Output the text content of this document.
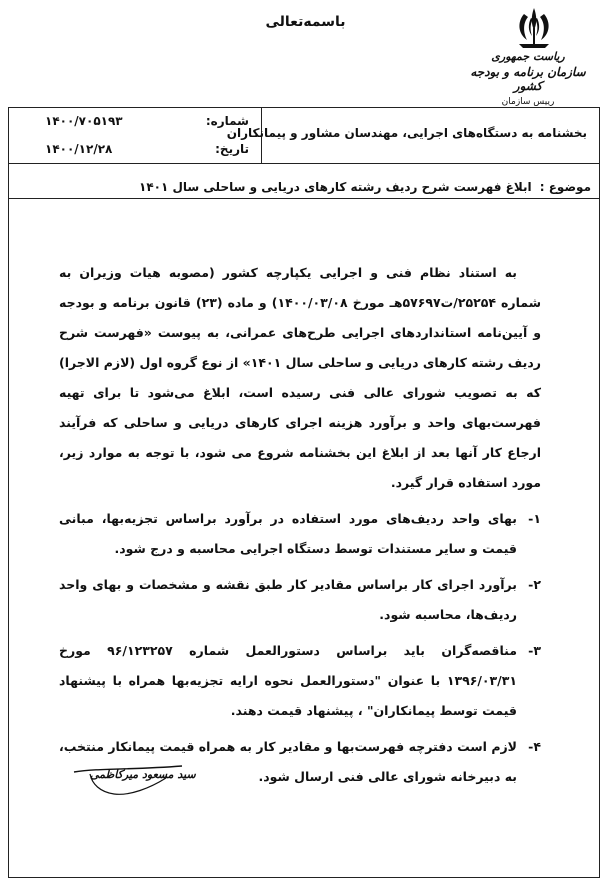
باسمه‌تعالی
ریاست جمهوری
سازمان برنامه و بودجه کشور
رییس سازمان
بخشنامه به دستگاه‌های اجرایی، مهندسان مشاور و پیمانکاران
شماره:
۱۴۰۰/۷۰۵۱۹۳
تاریخ:
۱۴۰۰/۱۲/۲۸
موضوع : ابلاغ فهرست شرح ردیف رشته کارهای دریایی و ساحلی سال ۱۴۰۱

به استناد نظام فنی و اجرایی یکپارچه کشور (مصوبه هیات وزیران به شماره ۲۵۲۵۴/ت۵۷۶۹۷هـ مورخ ۱۴۰۰/۰۳/۰۸) و ماده (۲۳) قانون برنامه و بودجه و آیین‌نامه استانداردهای اجرایی طرح‌های عمرانی، به پیوست «فهرست شرح ردیف رشته کارهای دریایی و ساحلی سال ۱۴۰۱» از نوع گروه اول (لازم الاجرا) که به تصویب شورای عالی فنی رسیده است، ابلاغ می‌شود تا برای تهیه فهرست‌بهای واحد و برآورد هزینه اجرای کارهای دریایی و ساحلی که فرآیند ارجاع کار آنها بعد از ابلاغ این بخشنامه شروع می شود، با توجه به موارد زیر، مورد استفاده قرار گیرد.

۱-
بهای واحد ردیف‌های مورد استفاده در برآورد براساس تجزیه‌بها، مبانی قیمت و سایر مستندات توسط دستگاه اجرایی محاسبه و درج شود.
۲-
برآورد اجرای کار براساس مقادیر کار طبق نقشه و مشخصات و بهای واحد ردیف‌ها، محاسبه شود.
۳-
مناقصه‌گران باید براساس دستورالعمل شماره ۹۶/۱۲۳۲۵۷ مورخ ۱۳۹۶/۰۳/۳۱ با عنوان "دستورالعمل نحوه ارایه تجزیه‌بها همراه با پیشنهاد قیمت توسط پیمانکاران" ، پیشنهاد قیمت دهند.
۴-
لازم است دفترچه فهرست‌بها و مقادیر کار به همراه قیمت پیمانکار منتخب، به دبیرخانه شورای عالی فنی ارسال شود.
سید مسعود میرکاظمی
